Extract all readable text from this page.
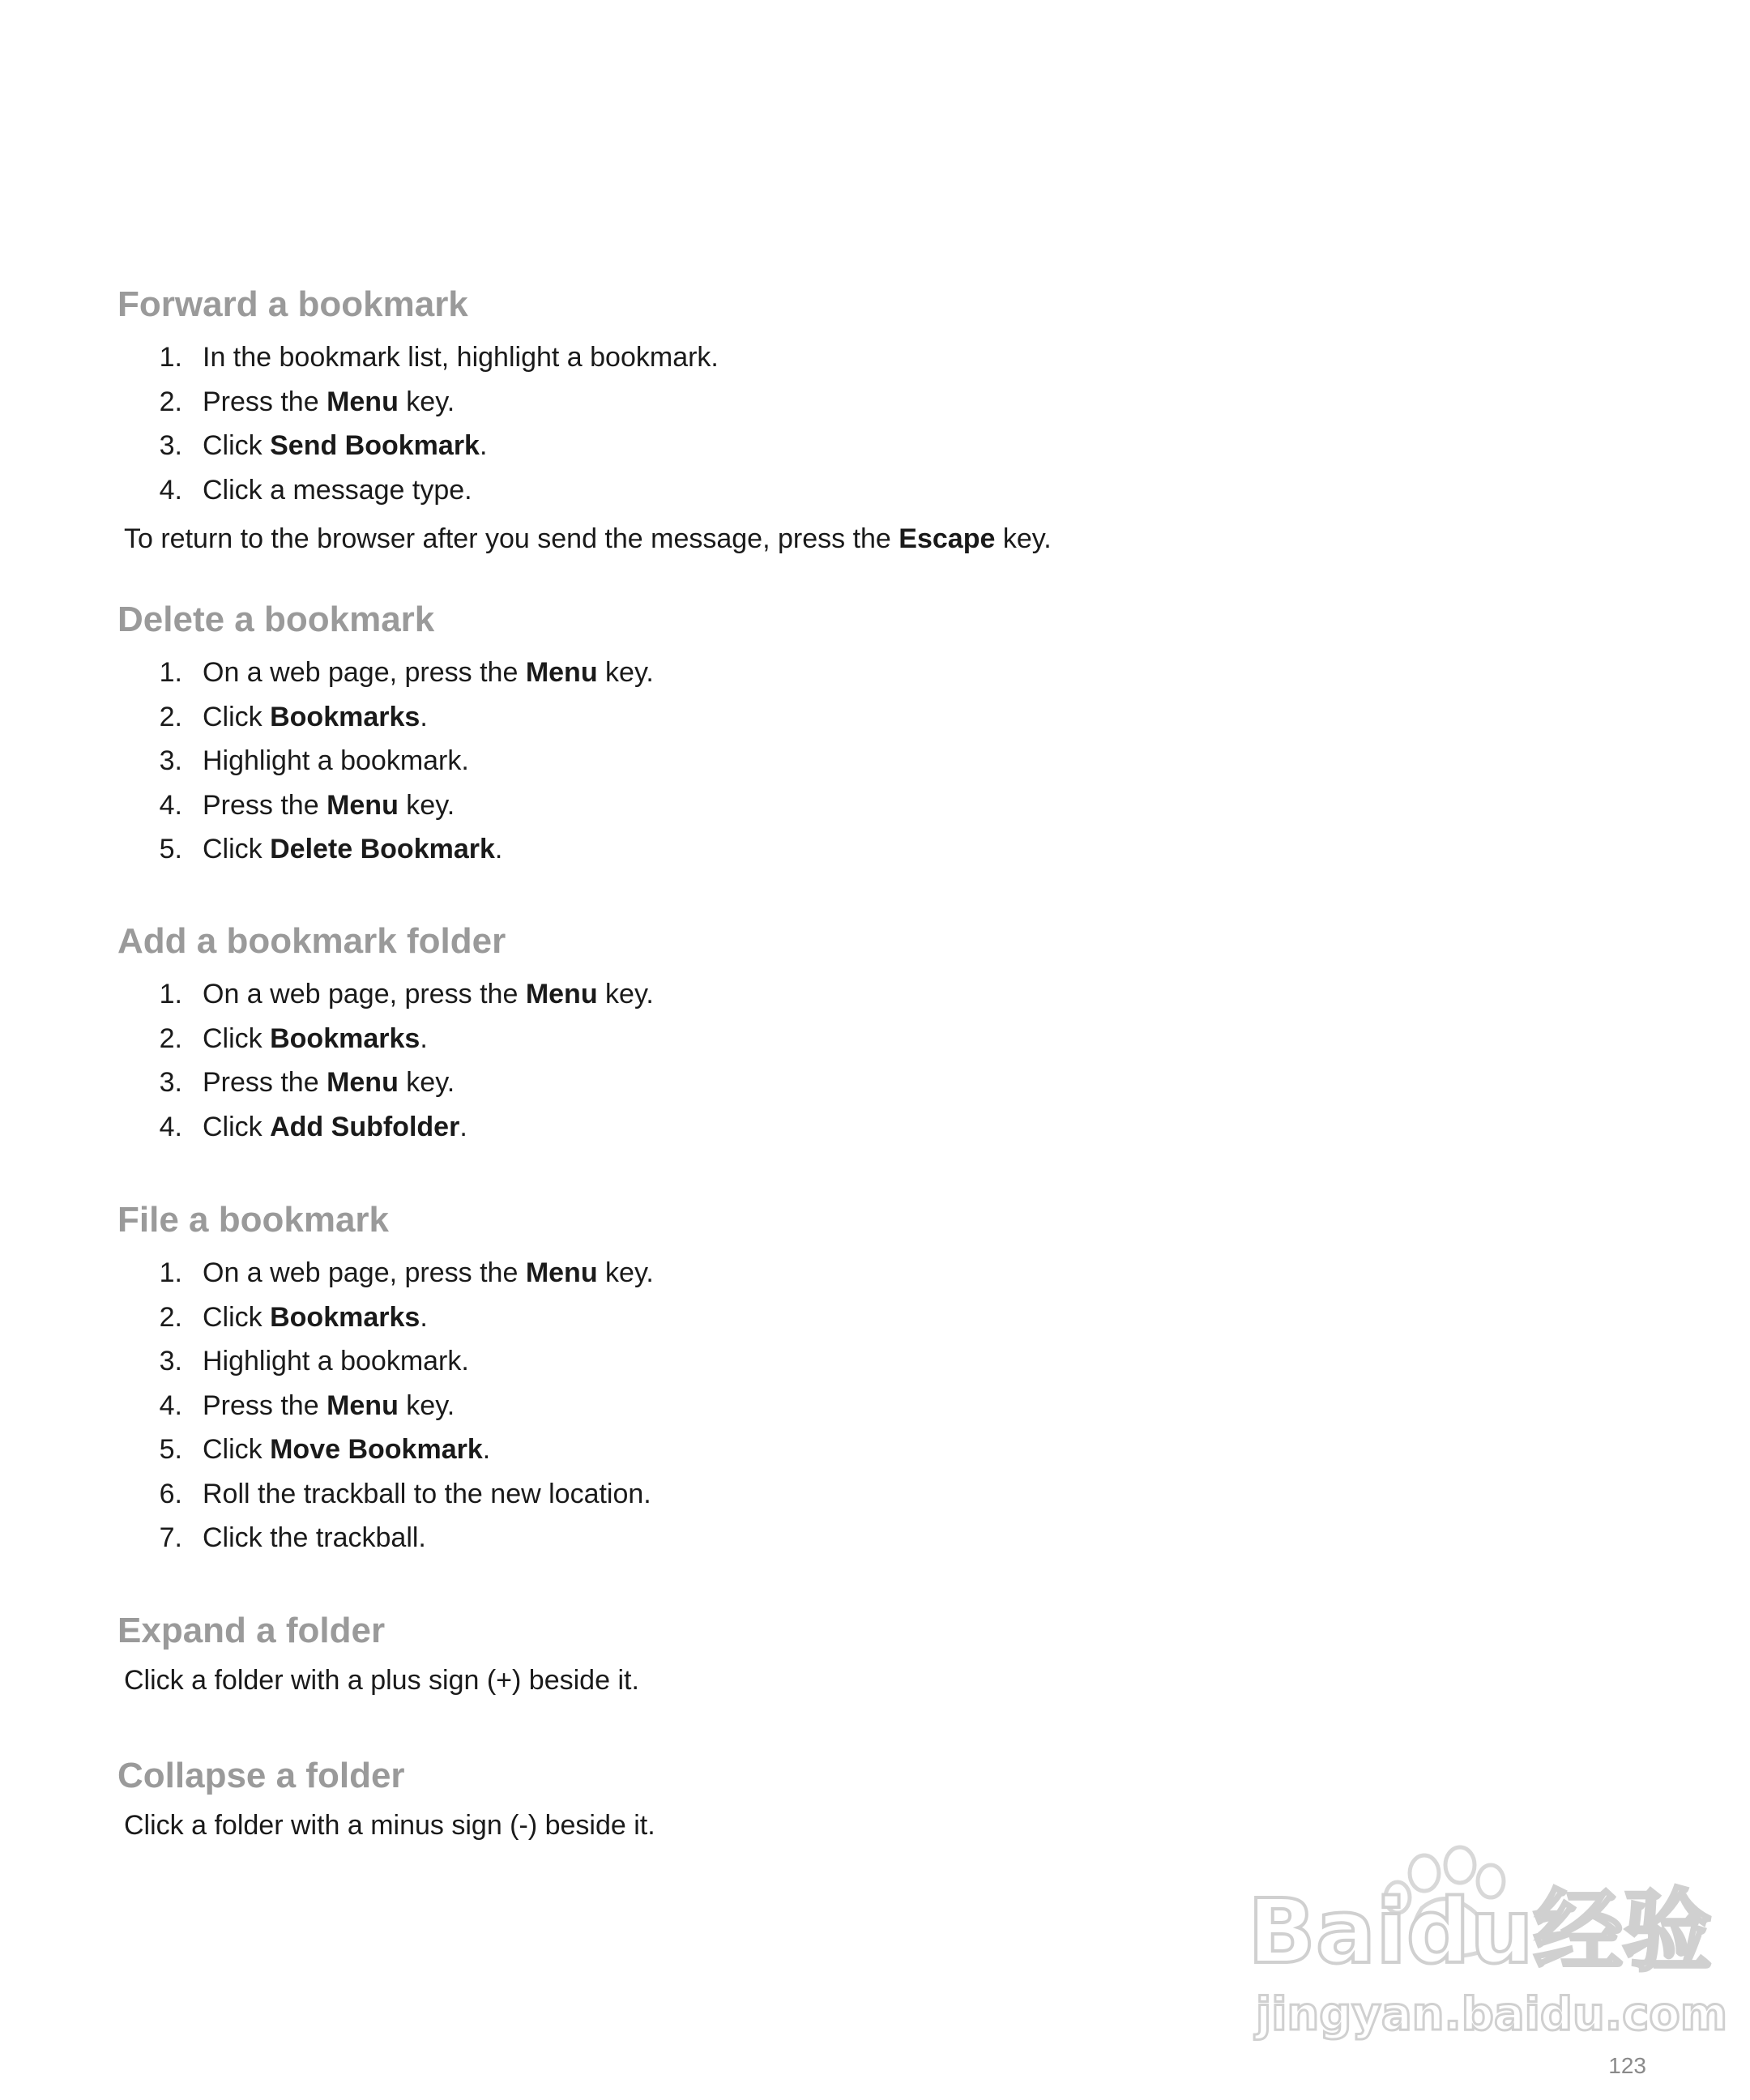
Forward a bookmark
1. In the bookmark list, highlight a bookmark.
2. Press the Menu key.
3. Click Send Bookmark.
4. Click a message type.

To return to the browser after you send the message, press the Escape key.

Delete a bookmark
1. On a web page, press the Menu key.
2. Click Bookmarks.
3. Highlight a bookmark.
4. Press the Menu key.
5. Click Delete Bookmark.
Add a bookmark folder
1. On a web page, press the Menu key.
2. Click Bookmarks.
3. Press the Menu key.
4. Click Add Subfolder.
File a bookmark
1. On a web page, press the Menu key.
2. Click Bookmarks.
3. Highlight a bookmark.
4. Press the Menu key.
5. Click Move Bookmark.
6. Roll the trackball to the new location.
7. Click the trackball.
Expand a folder

Click a folder with a plus sign (+) beside it.

Collapse a folder

Click a folder with a minus sign (-) beside it.

Baidu经验
jingyan.baidu.com
123
